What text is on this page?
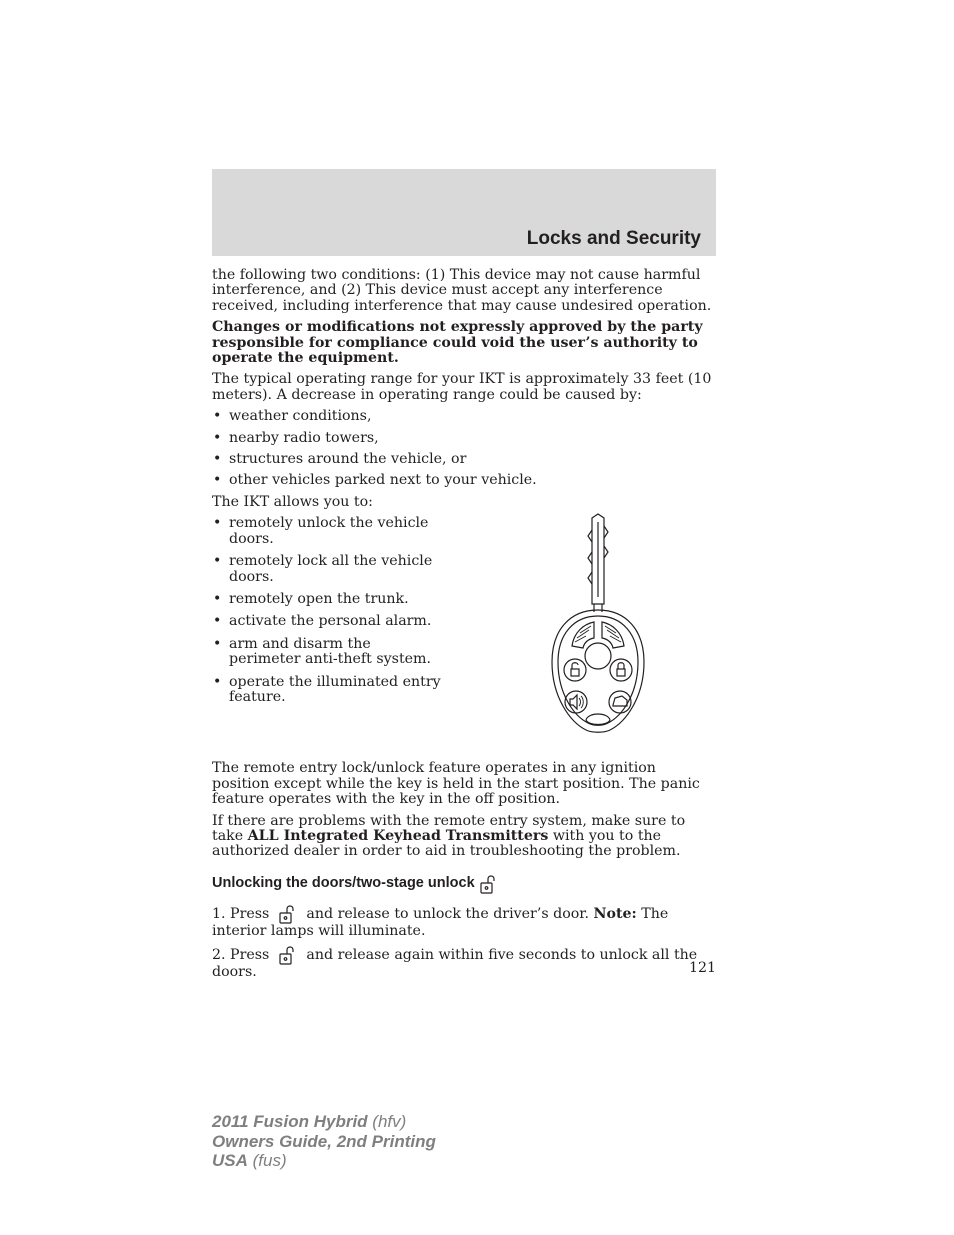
Locks and Security

the following two conditions: (1) This device may not cause harmful interference, and (2) This device must accept any interference received, including interference that may cause undesired operation.

Changes or modifications not expressly approved by the party responsible for compliance could void the user’s authority to operate the equipment.

The typical operating range for your IKT is approximately 33 feet (10 meters). A decrease in operating range could be caused by:

• weather conditions,
• nearby radio towers,
• structures around the vehicle, or
• other vehicles parked next to your vehicle.

The IKT allows you to:

• remotely unlock the vehicle doors.
• remotely lock all the vehicle doors.
• remotely open the trunk.
• activate the personal alarm.
• arm and disarm the perimeter anti-theft system.
• operate the illuminated entry feature.

The remote entry lock/unlock feature operates in any ignition position except while the key is held in the start position. The panic feature operates with the key in the off position.

If there are problems with the remote entry system, make sure to take ALL Integrated Keyhead Transmitters with you to the authorized dealer in order to aid in troubleshooting the problem.

Unlocking the doors/two-stage unlock

1. Press	and release to unlock the driver’s door. Note: The interior lamps will illuminate.

2. Press	and release again within five seconds to unlock all the doors.	121
2011 Fusion Hybrid (hfv)
Owners Guide, 2nd Printing
USA (fus)
